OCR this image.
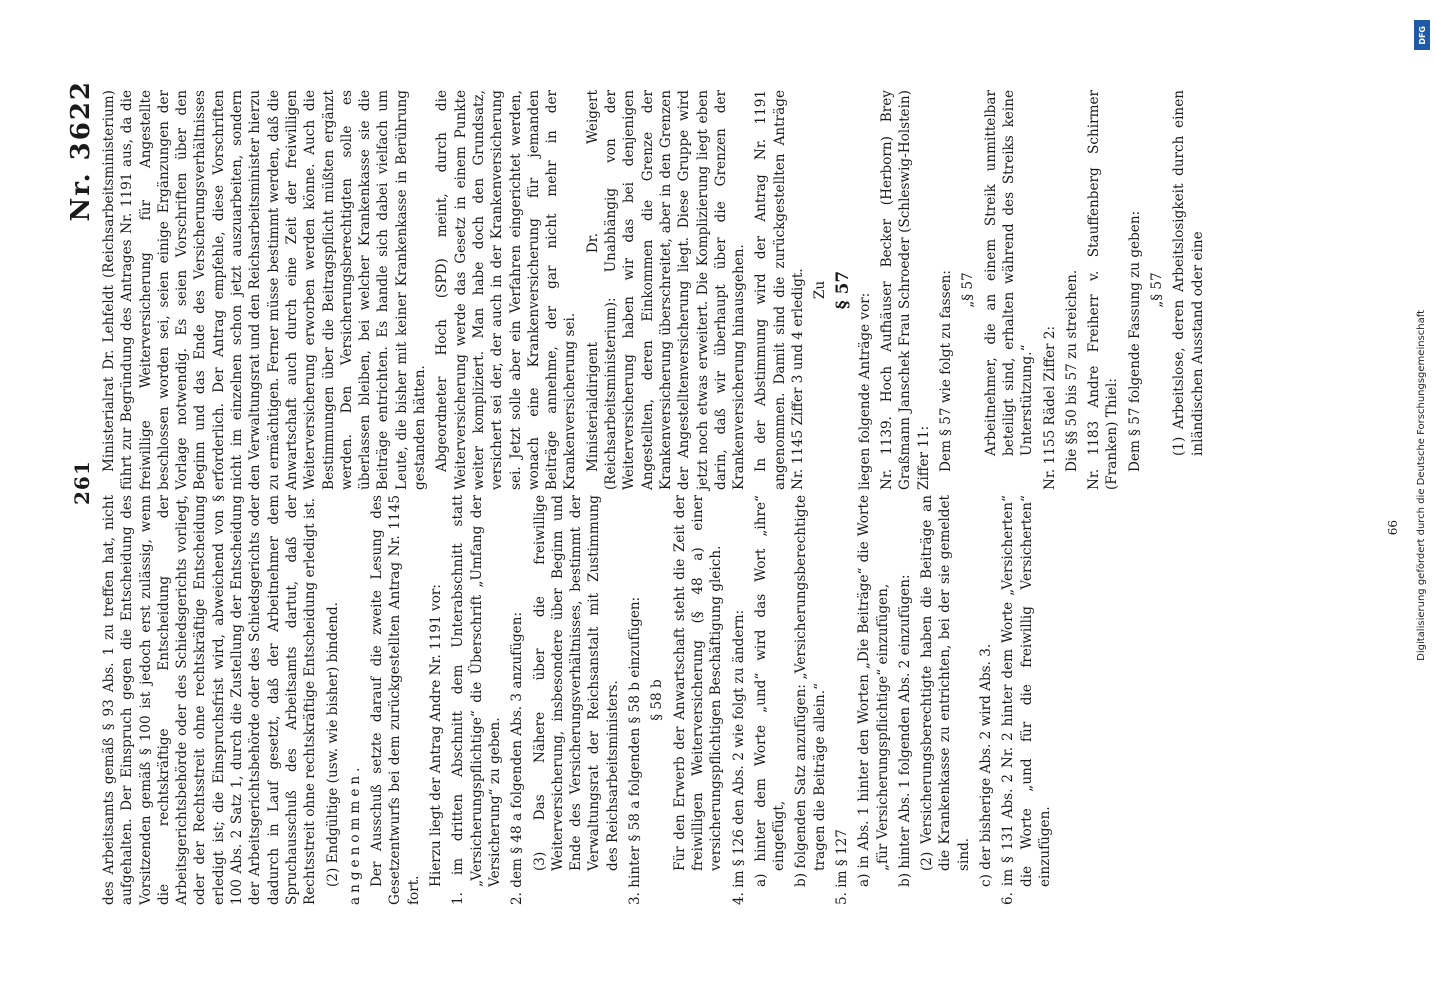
261
Nr. 3622

des Arbeitsamts gemäß § 93 Abs. 1 zu treffen hat, nicht aufgehalten. Der Einspruch gegen die Entscheidung des Vorsitzenden gemäß § 100 ist jedoch erst zulässig, wenn die rechtskräftige Entscheidung der Arbeitsgerichtsbehörde oder des Schiedsgerichts vorliegt, oder der Rechtsstreit ohne rechtskräftige Entscheidung erledigt ist; die Einspruchsfrist wird, abweichend von § 100 Abs. 2 Satz 1, durch die Zustellung der Entscheidung der Arbeitsgerichtsbehörde oder des Schiedsgerichts oder dadurch in Lauf gesetzt, daß der Arbeitnehmer dem Spruchausschuß des Arbeitsamts dartut, daß der Rechtsstreit ohne rechtskräftige Entscheidung erledigt ist. (2) Endgültige (usw. wie bisher) bindend. angenommen. Der Ausschuß setzte darauf die zweite Lesung des Gesetzentwurfs bei dem zurückgestellten Antrag Nr. 1145 fort.

Hierzu liegt der Antrag Andre Nr. 1191 vor: 1. im dritten Abschnitt dem Unterabschnitt statt „Versicherungspflichtige“ die Überschrift „Umfang der Versicherung“ zu geben. 2. dem § 48 a folgenden Abs. 3 anzufügen: (3) Das Nähere über die freiwillige Weiterversicherung, insbesondere über Beginn und Ende des Versicherungsverhältnisses, bestimmt der Verwaltungsrat der Reichsanstalt mit Zustimmung des Reichsarbeitsministers. 3. hinter § 58 a folgenden § 58 b einzufügen: § 58 b Für den Erwerb der Anwartschaft steht die Zeit der freiwilligen Weiterversicherung (§ 48 a) einer versicherungspflichtigen Beschäftigung gleich. 4. im § 126 den Abs. 2 wie folgt zu ändern: a) hinter dem Worte „und“ wird das Wort „ihre“ eingefügt, b) folgenden Satz anzufügen: „Versicherungsberechtigte tragen die Beiträge allein.“ 5. im § 127 a) in Abs. 1 hinter den Worten „Die Beiträge“ die Worte „für Versicherungspflichtige“ einzufügen, b) hinter Abs. 1 folgenden Abs. 2 einzufügen: (2) Versicherungsberechtigte haben die Beiträge an die Krankenkasse zu entrichten, bei der sie gemeldet sind. c) der bisherige Abs. 2 wird Abs. 3. 6. im § 131 Abs. 2 Nr. 2 hinter dem Worte „Versicherten“ die Worte „und für die freiwillig Versicherten“ einzufügen.

Ministerialrat Dr. Lehfeldt (Reichsarbeitsministerium) führt zur Begründung des Antrages Nr. 1191 aus, da die freiwillige Weiterversicherung für Angestellte beschlossen worden sei, seien einige Ergänzungen der Vorlage notwendig. Es seien Vorschriften über den Beginn und das Ende des Versicherungsverhältnisses erforderlich. Der Antrag empfehle, diese Vorschriften nicht im einzelnen schon jetzt auszuarbeiten, sondern den Verwaltungsrat und den Reichsarbeitsminister hierzu zu ermächtigen. Ferner müsse bestimmt werden, daß die Anwartschaft auch durch eine Zeit der freiwilligen Weiterversicherung erworben werden könne. Auch die Bestimmungen über die Beitragspflicht müßten ergänzt werden. Den Versicherungsberechtigten solle es überlassen bleiben, bei welcher Krankenkasse sie die Beiträge entrichten. Es handle sich dabei vielfach um Leute, die bisher mit keiner Krankenkasse in Berührung gestanden hätten. Abgeordneter Hoch (SPD) meint, durch die Weiterversicherung werde das Gesetz in einem Punkte weiter kompliziert. Man habe doch den Grundsatz, versichert sei der, der auch in der Krankenversicherung sei. Jetzt solle aber ein Verfahren eingerichtet werden, wonach eine Krankenversicherung für jemanden Beiträge annehme, der gar nicht mehr in der Krankenversicherung sei. Ministerialdirigent Dr. Weigert (Reichsarbeitsministerium): Unabhängig von der Weiterversicherung haben wir das bei denjenigen Angestellten, deren Einkommen die Grenze der Krankenversicherung überschreitet, aber in den Grenzen der Angestelltenversicherung liegt. Diese Gruppe wird jetzt noch etwas erweitert. Die Komplizierung liegt eben darin, daß wir überhaupt über die Grenzen der Krankenversicherung hinausgehen. In der Abstimmung wird der Antrag Nr. 1191 angenommen. Damit sind die zurückgestellten Anträge Nr. 1145 Ziffer 3 und 4 erledigt. Zu § 57

liegen folgende Anträge vor: Nr. 1139. Hoch Aufhäuser Becker (Herborn) Brey Graßmann Janschek Frau Schroeder (Schleswig-Holstein) Ziffer 11: Dem § 57 wie folgt zu fassen: „§ 57 Arbeitnehmer, die an einem Streik unmittelbar beteiligt sind, erhalten während des Streiks keine Unterstützung.“ Nr. 1155 Rädel Ziffer 2: Die §§ 50 bis 57 zu streichen. Nr. 1183 Andre Freiherr v. Stauffenberg Schirmer (Franken) Thiel: Dem § 57 folgende Fassung zu geben: „§ 57 (1) Arbeitslose, deren Arbeitslosigkeit durch einen inländischen Ausstand oder eine

66
DFG
Digitalisierung gefördert durch die Deutsche Forschungsgemeinschaft
